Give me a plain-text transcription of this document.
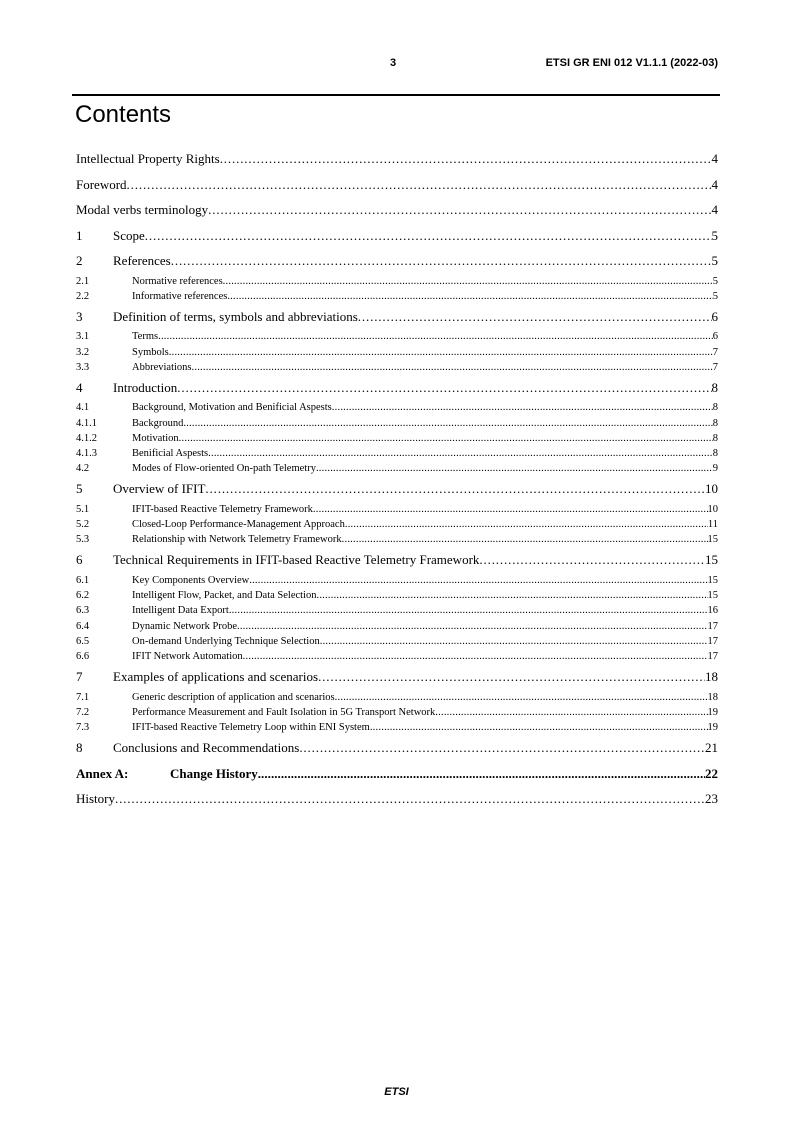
3	ETSI GR ENI 012 V1.1.1 (2022-03)
Contents
Intellectual Property Rights . . .	4
Foreword . . .	4
Modal verbs terminology . . .	4
1	Scope . . .	5
2	References . . .	5
2.1	Normative references . . .	5
2.2	Informative references . . .	5
3	Definition of terms, symbols and abbreviations . . .	6
3.1	Terms . . .	6
3.2	Symbols . . .	7
3.3	Abbreviations . . .	7
4	Introduction . . .	8
4.1	Background, Motivation and Benificial Aspests . . .	8
4.1.1	Background . . .	8
4.1.2	Motivation . . .	8
4.1.3	Benificial Aspests . . .	8
4.2	Modes of Flow-oriented On-path Telemetry . . .	9
5	Overview of IFIT . . .	10
5.1	IFIT-based Reactive Telemetry Framework . . .	10
5.2	Closed-Loop Performance-Management Approach . . .	11
5.3	Relationship with Network Telemetry Framework . . .	15
6	Technical Requirements in IFIT-based Reactive Telemetry Framework . . .	15
6.1	Key Components Overview . . .	15
6.2	Intelligent Flow, Packet, and Data Selection . . .	15
6.3	Intelligent Data Export . . .	16
6.4	Dynamic Network Probe . . .	17
6.5	On-demand Underlying Technique Selection . . .	17
6.6	IFIT Network Automation . . .	17
7	Examples of applications and scenarios . . .	18
7.1	Generic description of application and scenarios . . .	18
7.2	Performance Measurement and Fault Isolation in 5G Transport Network . . .	19
7.3	IFIT-based Reactive Telemetry Loop within ENI System . . .	19
8	Conclusions and Recommendations . . .	21
Annex A:	Change History . . .	22
History . . .	23
ETSI
